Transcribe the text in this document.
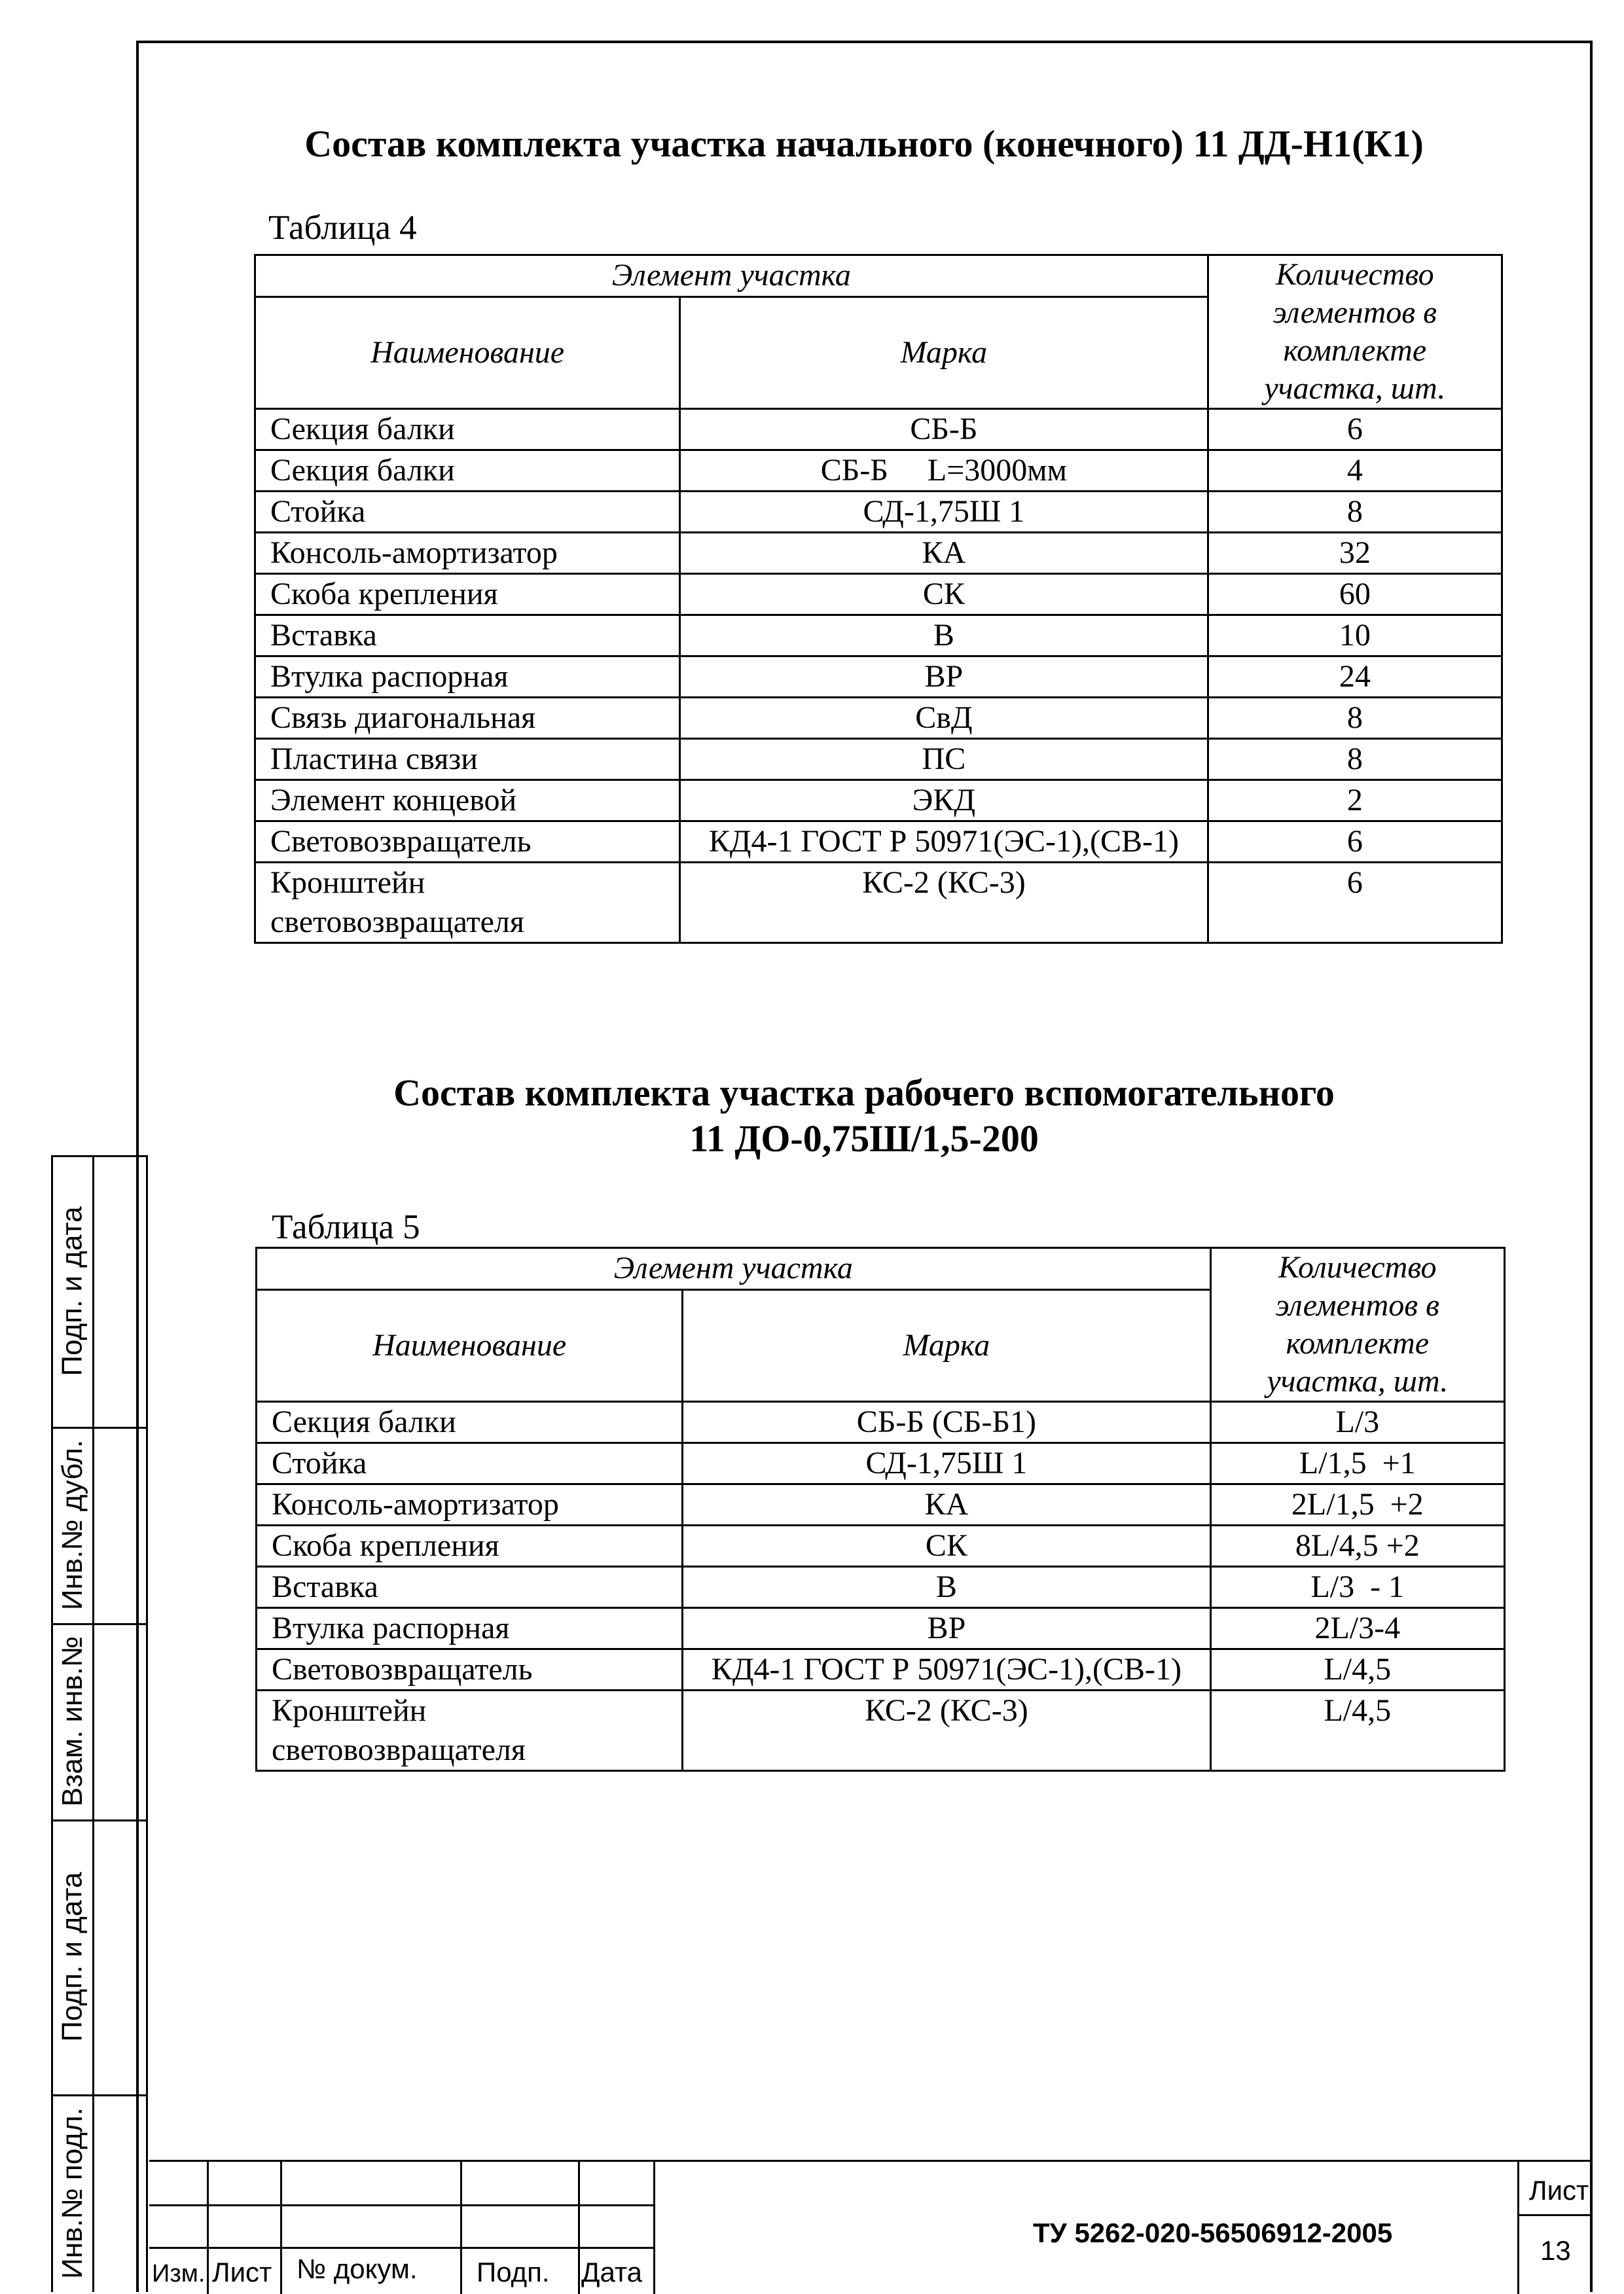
Состав комплекта участка начального (конечного) 11 ДД-Н1(К1)
Таблица 4
Элемент участка		Количество
элементов в
комплекте
участка, шт.
Наименование	Марка	
Секция балки	СБ-Б	6
Секция балки	СБ-Б     L=3000мм	4
Стойка	СД-1,75Ш 1	8
Консоль-амортизатор	КА	32
Скоба крепления	СК	60
Вставка	В	10
Втулка распорная	ВР	24
Связь диагональная	СвД	8
Пластина связи	ПС	8
Элемент концевой	ЭКД	2
Световозвращатель	КД4-1 ГОСТ Р 50971(ЭС-1),(СВ-1)	6
Кронштейн
световозвращателя	КС-2 (КС-3)	6
Состав комплекта участка рабочего вспомогательного
11 ДО-0,75Ш/1,5-200
Таблица 5
Элемент участка		Количество
элементов в
комплекте
участка, шт.
Наименование	Марка	
Секция балки	СБ-Б (СБ-Б1)	L/3
Стойка	СД-1,75Ш 1	L/1,5  +1
Консоль-амортизатор	КА	2L/1,5  +2
Скоба крепления	СК	8L/4,5 +2
Вставка	В	L/3  - 1
Втулка распорная	ВР	2L/3-4
Световозвращатель	КД4-1 ГОСТ Р 50971(ЭС-1),(СВ-1)	L/4,5
Кронштейн
световозвращателя	КС-2 (КС-3)	L/4,5
Подп. и дата
Инв.№ дубл.
Взам. инв.№
Подп. и дата
Инв.№ подл.	Изм. Лист № докум. Подп. Дата
ТУ 5262-020-56506912-2005
Лист
13
